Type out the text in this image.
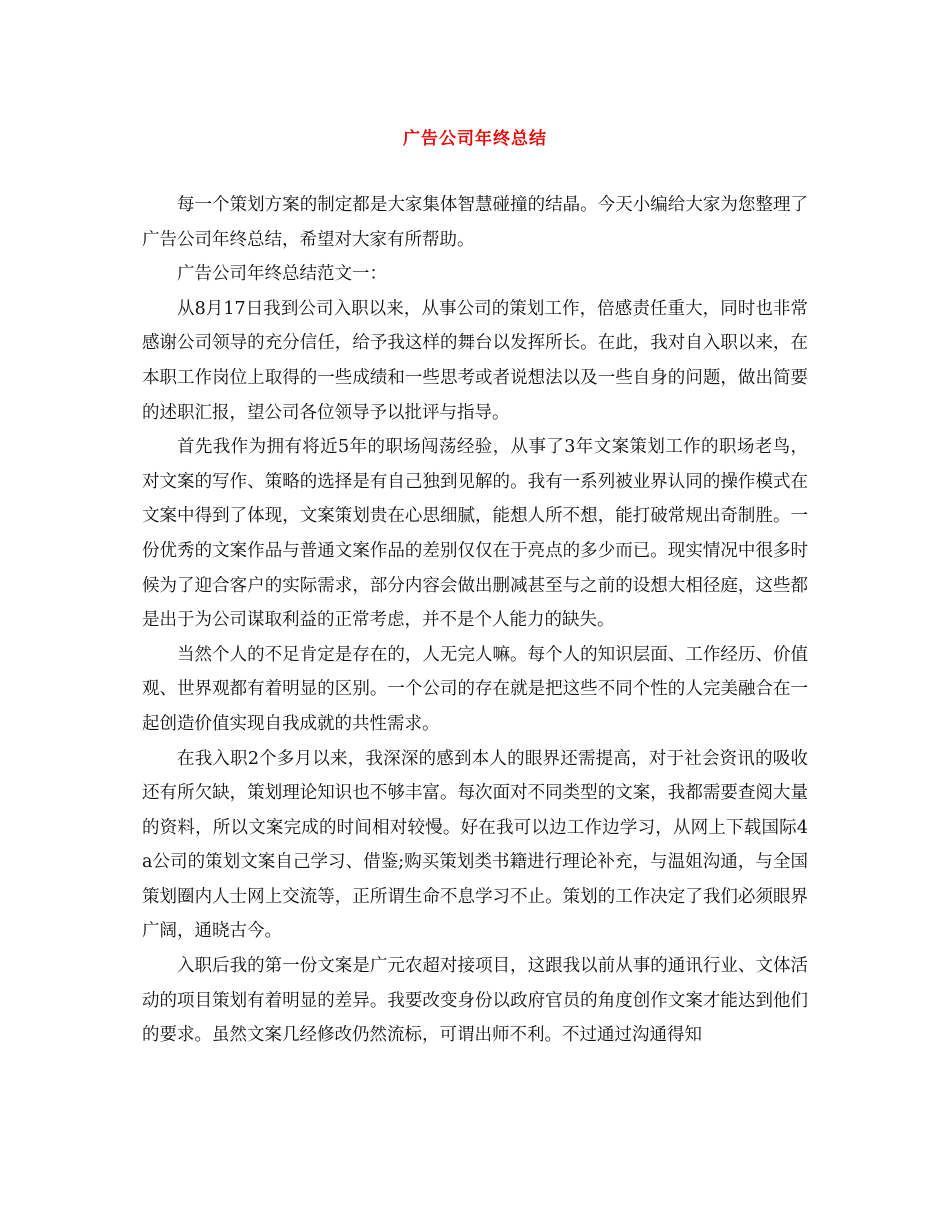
广告公司年终总结

每一个策划方案的制定都是大家集体智慧碰撞的结晶。今天小编给大家为您整理了广告公司年终总结，希望对大家有所帮助。

广告公司年终总结范文一：

从8月17日我到公司入职以来，从事公司的策划工作，倍感责任重大，同时也非常感谢公司领导的充分信任，给予我这样的舞台以发挥所长。在此，我对自入职以来，在本职工作岗位上取得的一些成绩和一些思考或者说想法以及一些自身的问题，做出简要的述职汇报，望公司各位领导予以批评与指导。

首先我作为拥有将近5年的职场闯荡经验，从事了3年文案策划工作的职场老鸟，对文案的写作、策略的选择是有自己独到见解的。我有一系列被业界认同的操作模式在文案中得到了体现，文案策划贵在心思细腻，能想人所不想，能打破常规出奇制胜。一份优秀的文案作品与普通文案作品的差别仅仅在于亮点的多少而已。现实情况中很多时候为了迎合客户的实际需求，部分内容会做出删减甚至与之前的设想大相径庭，这些都是出于为公司谋取利益的正常考虑，并不是个人能力的缺失。

当然个人的不足肯定是存在的，人无完人嘛。每个人的知识层面、工作经历、价值观、世界观都有着明显的区别。一个公司的存在就是把这些不同个性的人完美融合在一起创造价值实现自我成就的共性需求。

在我入职2个多月以来，我深深的感到本人的眼界还需提高，对于社会资讯的吸收还有所欠缺，策划理论知识也不够丰富。每次面对不同类型的文案，我都需要查阅大量的资料，所以文案完成的时间相对较慢。好在我可以边工作边学习，从网上下载国际4a公司的策划文案自己学习、借鉴;购买策划类书籍进行理论补充，与温姐沟通，与全国策划圈内人士网上交流等，正所谓生命不息学习不止。策划的工作决定了我们必须眼界广阔，通晓古今。

入职后我的第一份文案是广元农超对接项目，这跟我以前从事的通讯行业、文体活动的项目策划有着明显的差异。我要改变身份以政府官员的角度创作文案才能达到他们的要求。虽然文案几经修改仍然流标，可谓出师不利。不过通过沟通得知
